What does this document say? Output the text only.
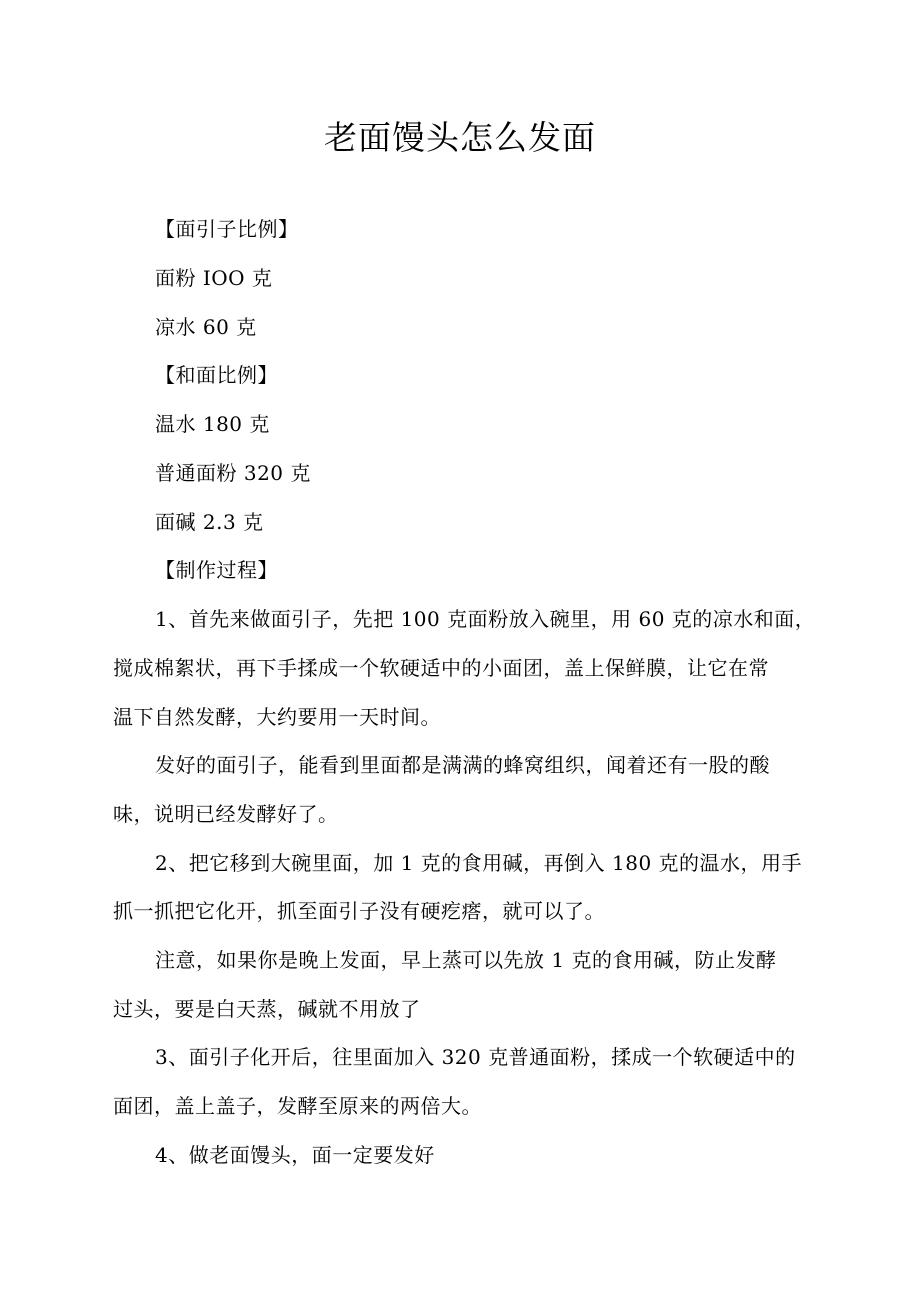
老面馒头怎么发面
【面引子比例】
面粉 IOO 克
凉水 60 克
【和面比例】
温水 180 克
普通面粉 320 克
面碱 2.3 克
【制作过程】
1、首先来做面引子，先把 100 克面粉放入碗里，用 60 克的凉水和面，
搅成棉絮状，再下手揉成一个软硬适中的小面团，盖上保鲜膜，让它在常
温下自然发酵，大约要用一天时间。
发好的面引子，能看到里面都是满满的蜂窝组织，闻着还有一股的酸
味，说明已经发酵好了。
2、把它移到大碗里面，加 1 克的食用碱，再倒入 180 克的温水，用手
抓一抓把它化开，抓至面引子没有硬疙瘩，就可以了。
注意，如果你是晚上发面，早上蒸可以先放 1 克的食用碱，防止发酵
过头，要是白天蒸，碱就不用放了
3、面引子化开后，往里面加入 320 克普通面粉，揉成一个软硬适中的
面团，盖上盖子，发酵至原来的两倍大。
4、做老面馒头，面一定要发好
